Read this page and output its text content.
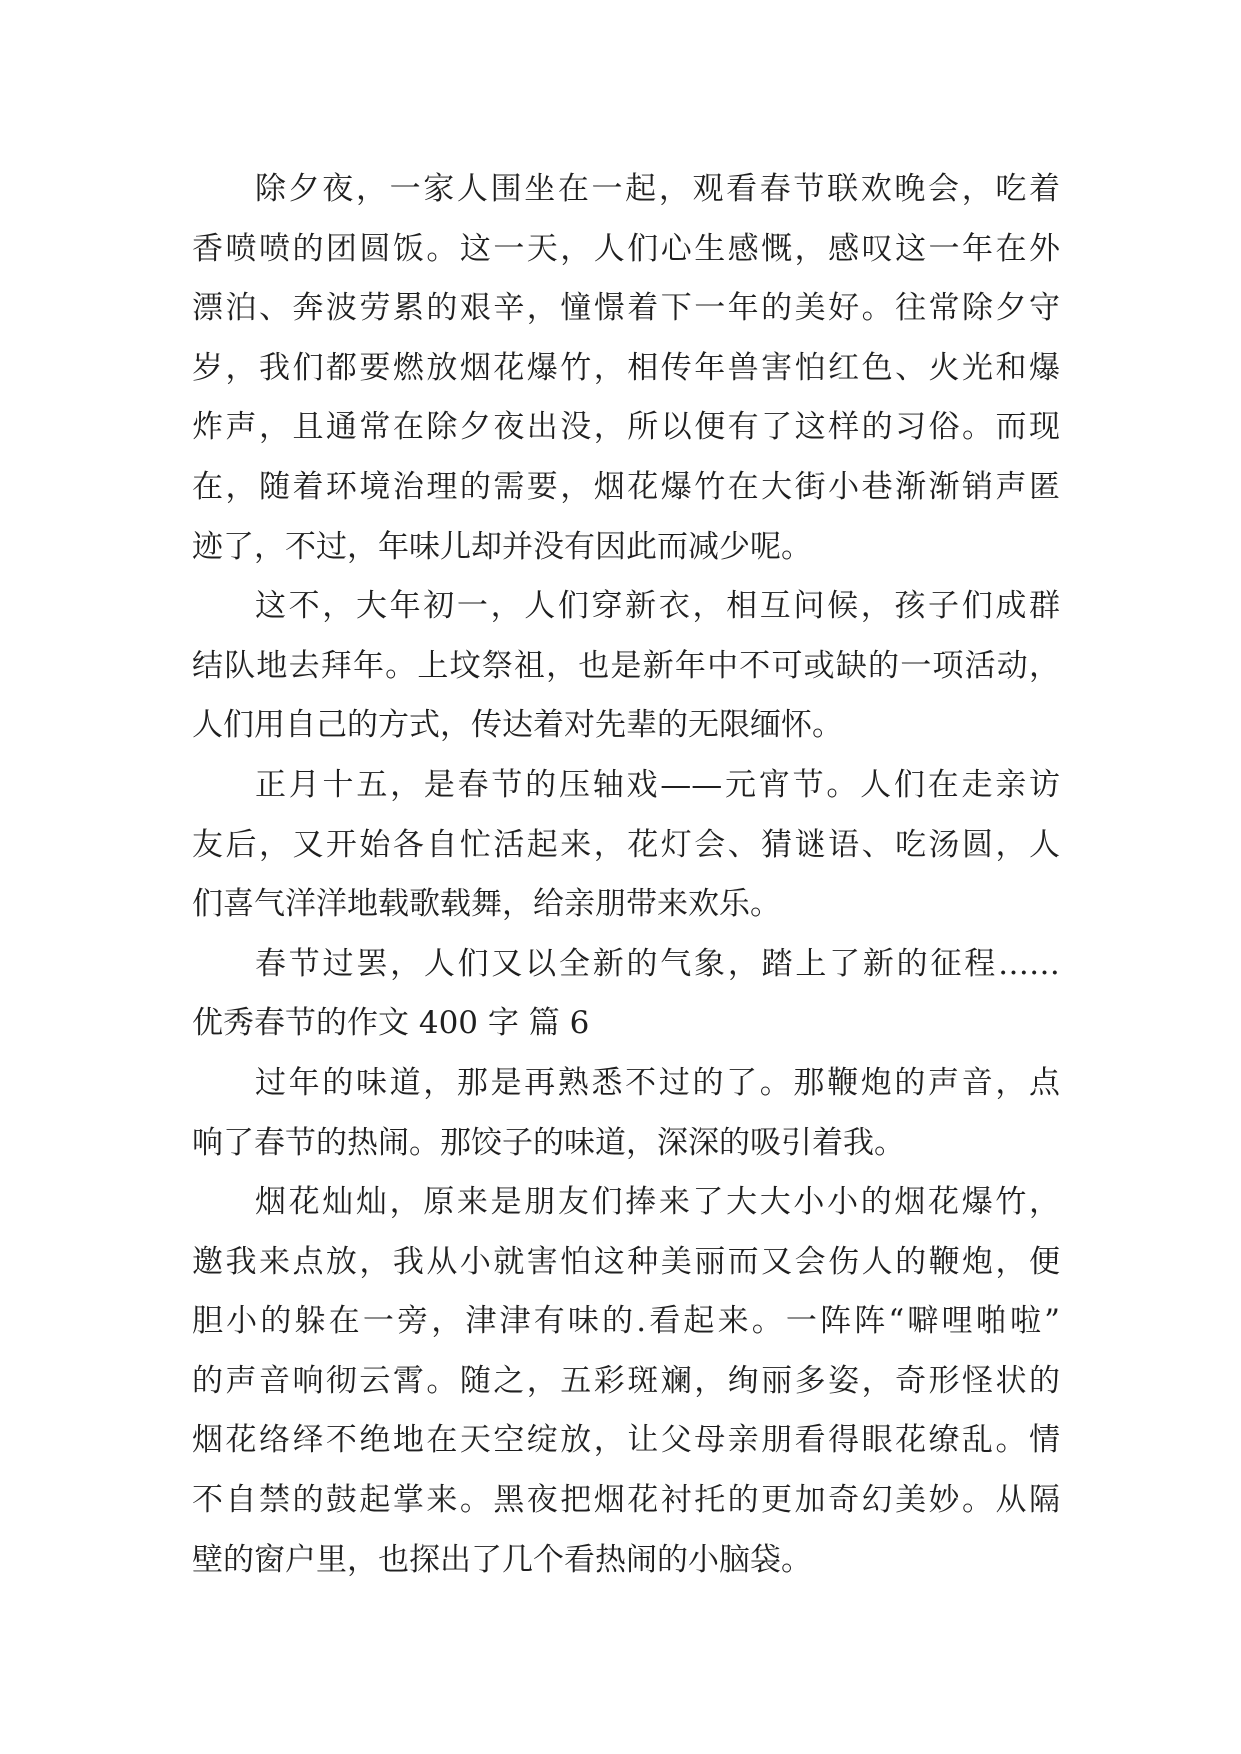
除夕夜，一家人围坐在一起，观看春节联欢晚会，吃着
香喷喷的团圆饭。这一天，人们心生感慨，感叹这一年在外
漂泊、奔波劳累的艰辛，憧憬着下一年的美好。往常除夕守
岁，我们都要燃放烟花爆竹，相传年兽害怕红色、火光和爆
炸声，且通常在除夕夜出没，所以便有了这样的习俗。而现
在，随着环境治理的需要，烟花爆竹在大街小巷渐渐销声匿
迹了，不过，年味儿却并没有因此而减少呢。
这不，大年初一，人们穿新衣，相互问候，孩子们成群
结队地去拜年。上坟祭祖，也是新年中不可或缺的一项活动，
人们用自己的方式，传达着对先辈的无限缅怀。
正月十五，是春节的压轴戏——元宵节。人们在走亲访
友后，又开始各自忙活起来，花灯会、猜谜语、吃汤圆，人
们喜气洋洋地载歌载舞，给亲朋带来欢乐。
春节过罢，人们又以全新的气象，踏上了新的征程……
优秀春节的作文 400 字 篇 6
过年的味道，那是再熟悉不过的了。那鞭炮的声音，点
响了春节的热闹。那饺子的味道，深深的吸引着我。
烟花灿灿，原来是朋友们捧来了大大小小的烟花爆竹，
邀我来点放，我从小就害怕这种美丽而又会伤人的鞭炮，便
胆小的躲在一旁，津津有味的.看起来。一阵阵“噼哩啪啦”
的声音响彻云霄。随之，五彩斑斓，绚丽多姿，奇形怪状的
烟花络绎不绝地在天空绽放，让父母亲朋看得眼花缭乱。情
不自禁的鼓起掌来。黑夜把烟花衬托的更加奇幻美妙。从隔
壁的窗户里，也探出了几个看热闹的小脑袋。
